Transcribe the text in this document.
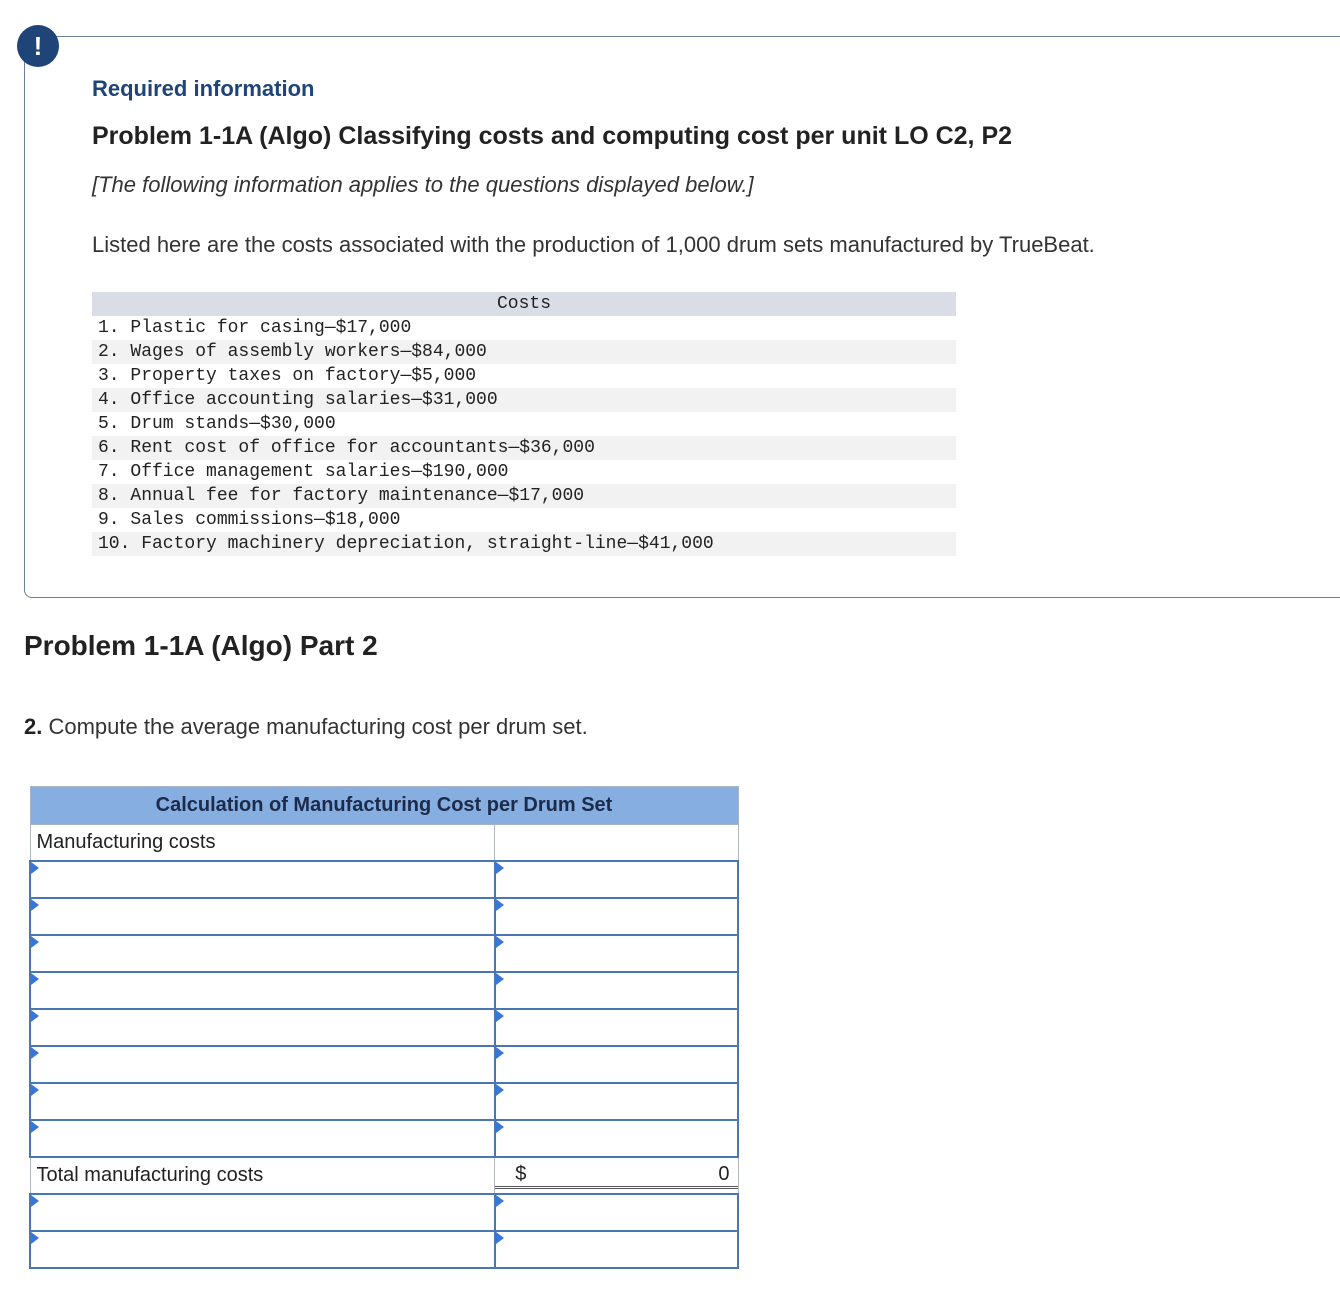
!
Required information
Problem 1-1A (Algo) Classifying costs and computing cost per unit LO C2, P2

[The following information applies to the questions displayed below.]

Listed here are the costs associated with the production of 1,000 drum sets manufactured by TrueBeat.

Costs
1. Plastic for casing—$17,000
2. Wages of assembly workers—$84,000
3. Property taxes on factory—$5,000
4. Office accounting salaries—$31,000
5. Drum stands—$30,000
6. Rent cost of office for accountants—$36,000
7. Office management salaries—$190,000
8. Annual fee for factory maintenance—$17,000
9. Sales commissions—$18,000
10. Factory machinery depreciation, straight-line—$41,000
Problem 1-1A (Algo) Part 2

2. Compute the average manufacturing cost per drum set.

Calculation of Manufacturing Cost per Drum Set	
Manufacturing costs	

Total manufacturing costs	$ 0
